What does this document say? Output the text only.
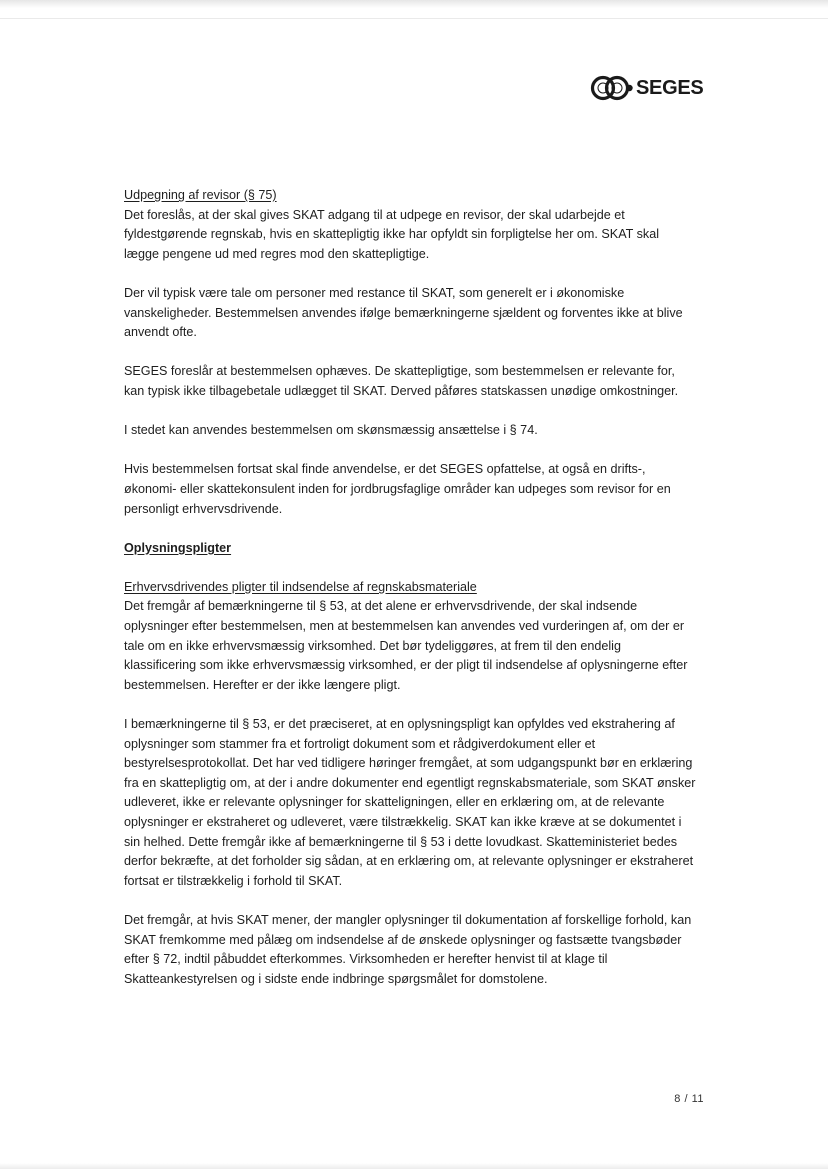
SEGES

Udpegning af revisor (§ 75)

Det foreslås, at der skal gives SKAT adgang til at udpege en revisor, der skal udarbejde et fyldestgørende regnskab, hvis en skattepligtig ikke har opfyldt sin forpligtelse her om. SKAT skal lægge pengene ud med regres mod den skattepligtige.

Der vil typisk være tale om personer med restance til SKAT, som generelt er i økonomiske vanskeligheder. Bestemmelsen anvendes ifølge bemærkningerne sjældent og forventes ikke at blive anvendt ofte.

SEGES foreslår at bestemmelsen ophæves. De skattepligtige, som bestemmelsen er relevante for, kan typisk ikke tilbagebetale udlægget til SKAT. Derved påføres statskassen unødige omkostninger.

I stedet kan anvendes bestemmelsen om skønsmæssig ansættelse i § 74.

Hvis bestemmelsen fortsat skal finde anvendelse, er det SEGES opfattelse, at også en drifts-, økonomi- eller skattekonsulent inden for jordbrugsfaglige områder kan udpeges som revisor for en personligt erhvervsdrivende.

Oplysningspligter

Erhvervsdrivendes pligter til indsendelse af regnskabsmateriale

Det fremgår af bemærkningerne til § 53, at det alene er erhvervsdrivende, der skal indsende oplysninger efter bestemmelsen, men at bestemmelsen kan anvendes ved vurderingen af, om der er tale om en ikke erhvervsmæssig virksomhed. Det bør tydeliggøres, at frem til den endelig klassificering som ikke erhvervsmæssig virksomhed, er der pligt til indsendelse af oplysningerne efter bestemmelsen. Herefter er der ikke længere pligt.

I bemærkningerne til § 53, er det præciseret, at en oplysningspligt kan opfyldes ved ekstrahering af oplysninger som stammer fra et fortroligt dokument som et rådgiverdokument eller et bestyrelsesprotokollat. Det har ved tidligere høringer fremgået, at som udgangspunkt bør en erklæring fra en skattepligtig om, at der i andre dokumenter end egentligt regnskabsmateriale, som SKAT ønsker udleveret, ikke er relevante oplysninger for skatteligningen, eller en erklæring om, at de relevante oplysninger er ekstraheret og udleveret, være tilstrækkelig. SKAT kan ikke kræve at se dokumentet i sin helhed. Dette fremgår ikke af bemærkningerne til § 53 i dette lovudkast. Skatteministeriet bedes derfor bekræfte, at det forholder sig sådan, at en erklæring om, at relevante oplysninger er ekstraheret fortsat er tilstrækkelig i forhold til SKAT.

Det fremgår, at hvis SKAT mener, der mangler oplysninger til dokumentation af forskellige forhold, kan SKAT fremkomme med pålæg om indsendelse af de ønskede oplysninger og fastsætte tvangsbøder efter § 72, indtil påbuddet efterkommes. Virksomheden er herefter henvist til at klage til Skatteankestyrelsen og i sidste ende indbringe spørgsmålet for domstolene.

8 / 11
